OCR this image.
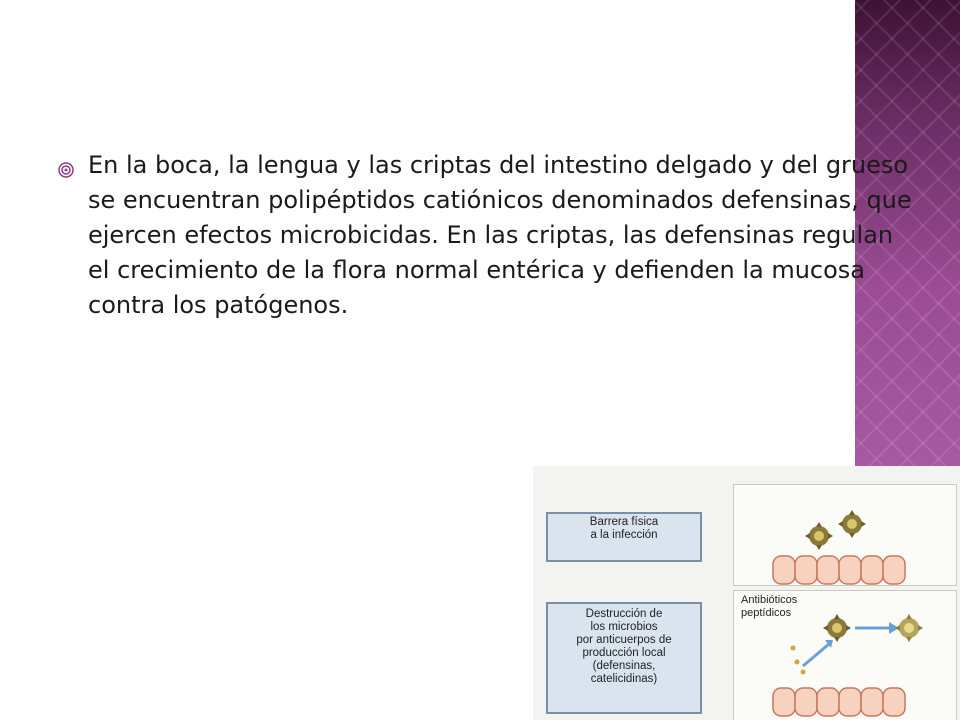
En la boca, la lengua y las criptas del intestino delgado y del grueso se encuentran polipéptidos catiónicos denominados defensinas, que ejercen efectos microbicidas. En las criptas, las defensinas regulan el crecimiento de la flora normal entérica y defienden la mucosa contra los patógenos.

Antibióticos
peptídicos
Barrera física
a la infección
Destrucción de
los microbios
por anticuerpos de
producción local
(defensinas,
catelicidinas)
